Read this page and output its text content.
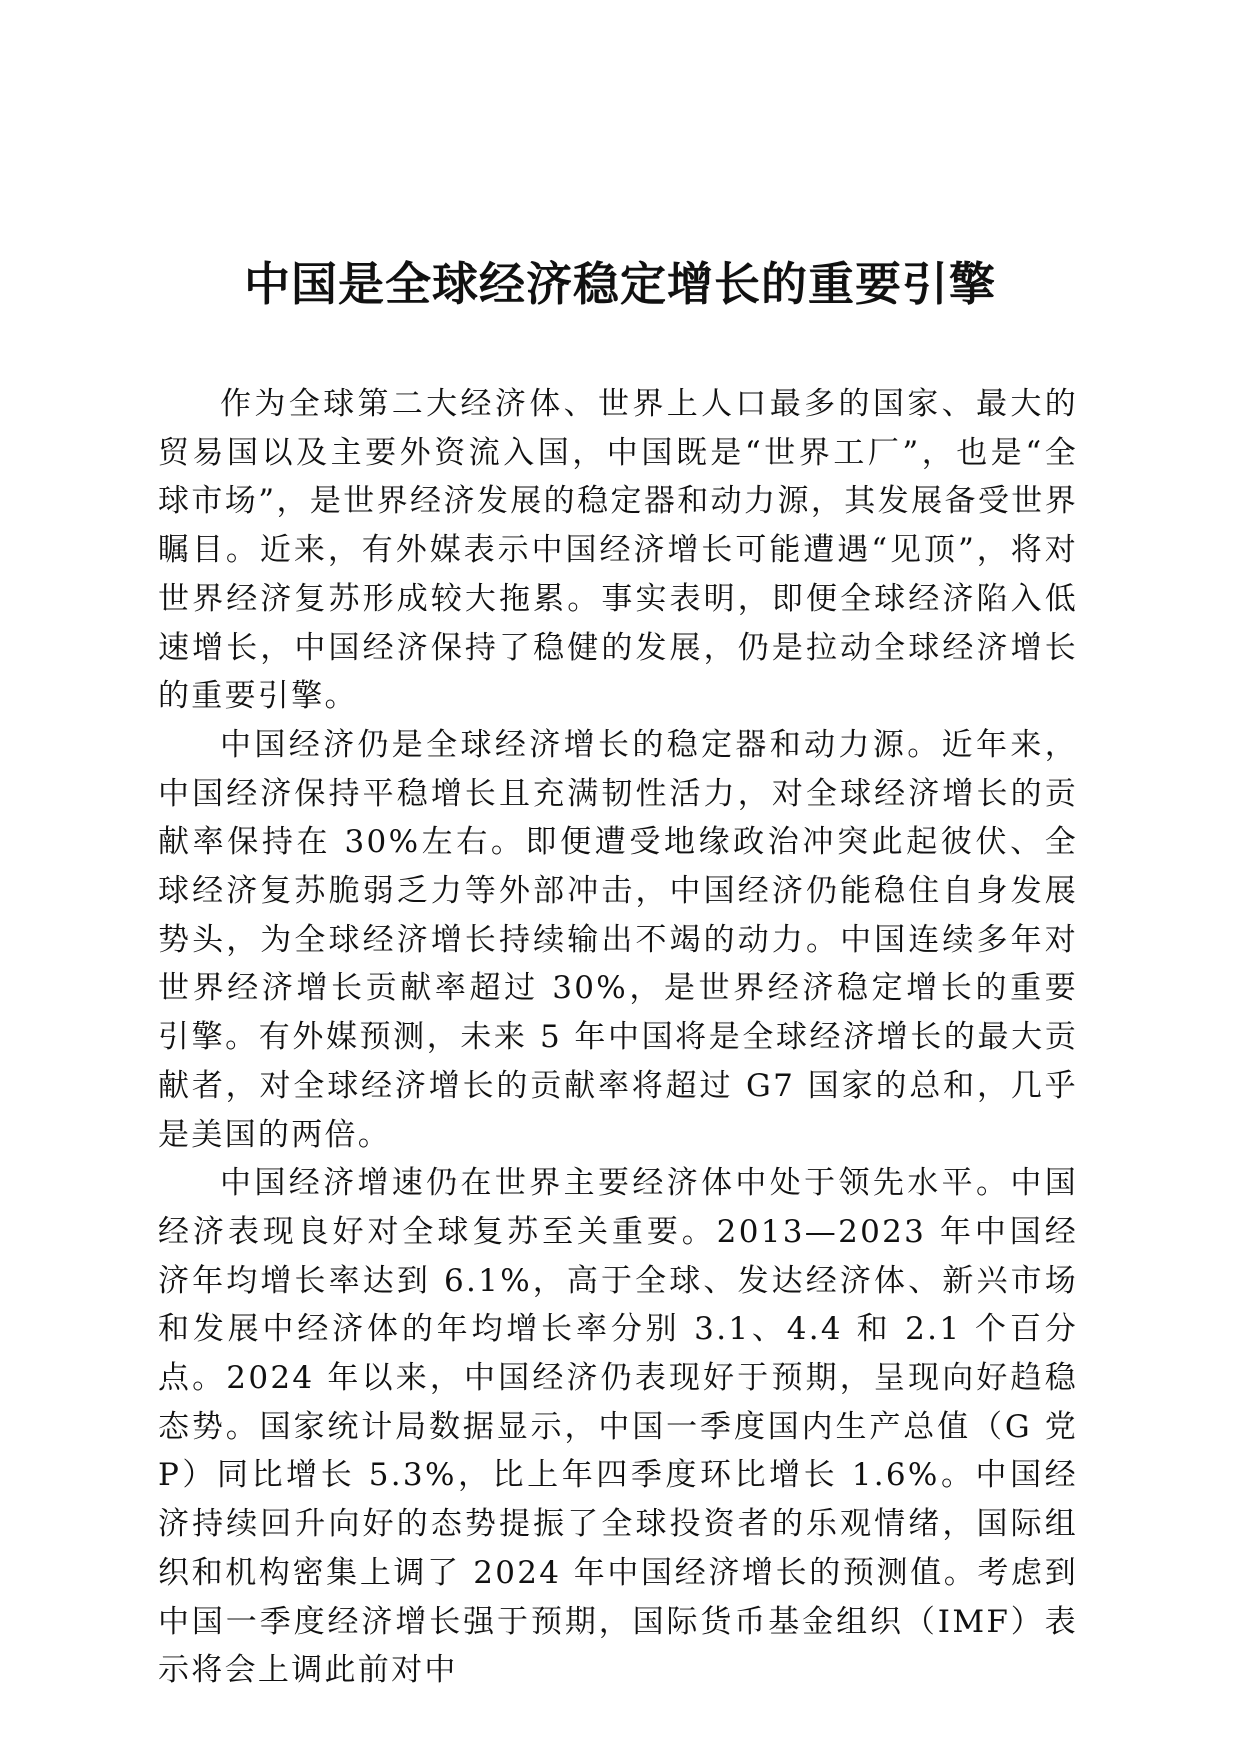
中国是全球经济稳定增长的重要引擎

作为全球第二大经济体、世界上人口最多的国家、最大的贸易国以及主要外资流入国，中国既是“世界工厂”，也是“全球市场”，是世界经济发展的稳定器和动力源，其发展备受世界瞩目。近来，有外媒表示中国经济增长可能遭遇“见顶”，将对世界经济复苏形成较大拖累。事实表明，即便全球经济陷入低速增长，中国经济保持了稳健的发展，仍是拉动全球经济增长的重要引擎。

中国经济仍是全球经济增长的稳定器和动力源。近年来，中国经济保持平稳增长且充满韧性活力，对全球经济增长的贡献率保持在 30%左右。即便遭受地缘政治冲突此起彼伏、全球经济复苏脆弱乏力等外部冲击，中国经济仍能稳住自身发展势头，为全球经济增长持续输出不竭的动力。中国连续多年对世界经济增长贡献率超过 30%，是世界经济稳定增长的重要引擎。有外媒预测，未来 5 年中国将是全球经济增长的最大贡献者，对全球经济增长的贡献率将超过 G7 国家的总和，几乎是美国的两倍。

中国经济增速仍在世界主要经济体中处于领先水平。中国经济表现良好对全球复苏至关重要。2013—2023 年中国经济年均增长率达到 6.1%，高于全球、发达经济体、新兴市场和发展中经济体的年均增长率分别 3.1、4.4 和 2.1 个百分点。2024 年以来，中国经济仍表现好于预期，呈现向好趋稳态势。国家统计局数据显示，中国一季度国内生产总值（G 党 P）同比增长 5.3%，比上年四季度环比增长 1.6%。中国经济持续回升向好的态势提振了全球投资者的乐观情绪，国际组织和机构密集上调了 2024 年中国经济增长的预测值。考虑到中国一季度经济增长强于预期，国际货币基金组织（IMF）表示将会上调此前对中
